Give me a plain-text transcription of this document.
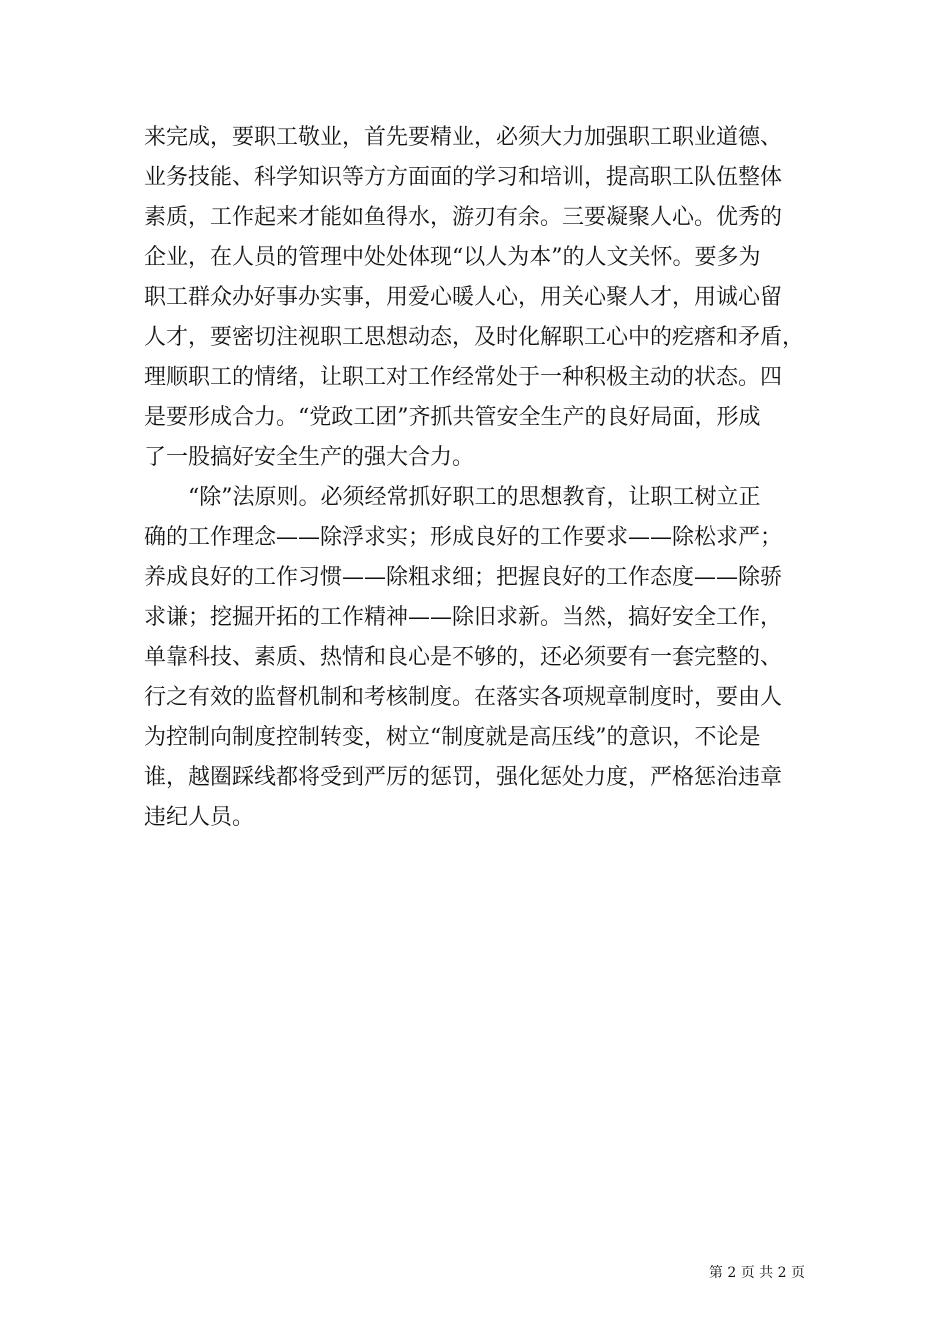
来完成，要职工敬业，首先要精业，必须大力加强职工职业道德、
业务技能、科学知识等方方面面的学习和培训，提高职工队伍整体
素质，工作起来才能如鱼得水，游刃有余。三要凝聚人心。优秀的
企业，在人员的管理中处处体现“以人为本”的人文关怀。要多为
职工群众办好事办实事，用爱心暖人心，用关心聚人才，用诚心留
人才，要密切注视职工思想动态，及时化解职工心中的疙瘩和矛盾，
理顺职工的情绪，让职工对工作经常处于一种积极主动的状态。四
是要形成合力。“党政工团”齐抓共管安全生产的良好局面，形成
了一股搞好安全生产的强大合力。
　　“除”法原则。必须经常抓好职工的思想教育，让职工树立正
确的工作理念——除浮求实；形成良好的工作要求——除松求严；
养成良好的工作习惯——除粗求细；把握良好的工作态度——除骄
求谦；挖掘开拓的工作精神——除旧求新。当然，搞好安全工作，
单靠科技、素质、热情和良心是不够的，还必须要有一套完整的、
行之有效的监督机制和考核制度。在落实各项规章制度时，要由人
为控制向制度控制转变，树立“制度就是高压线”的意识，不论是
谁，越圈踩线都将受到严厉的惩罚，强化惩处力度，严格惩治违章
违纪人员。
第 2 页 共 2 页
